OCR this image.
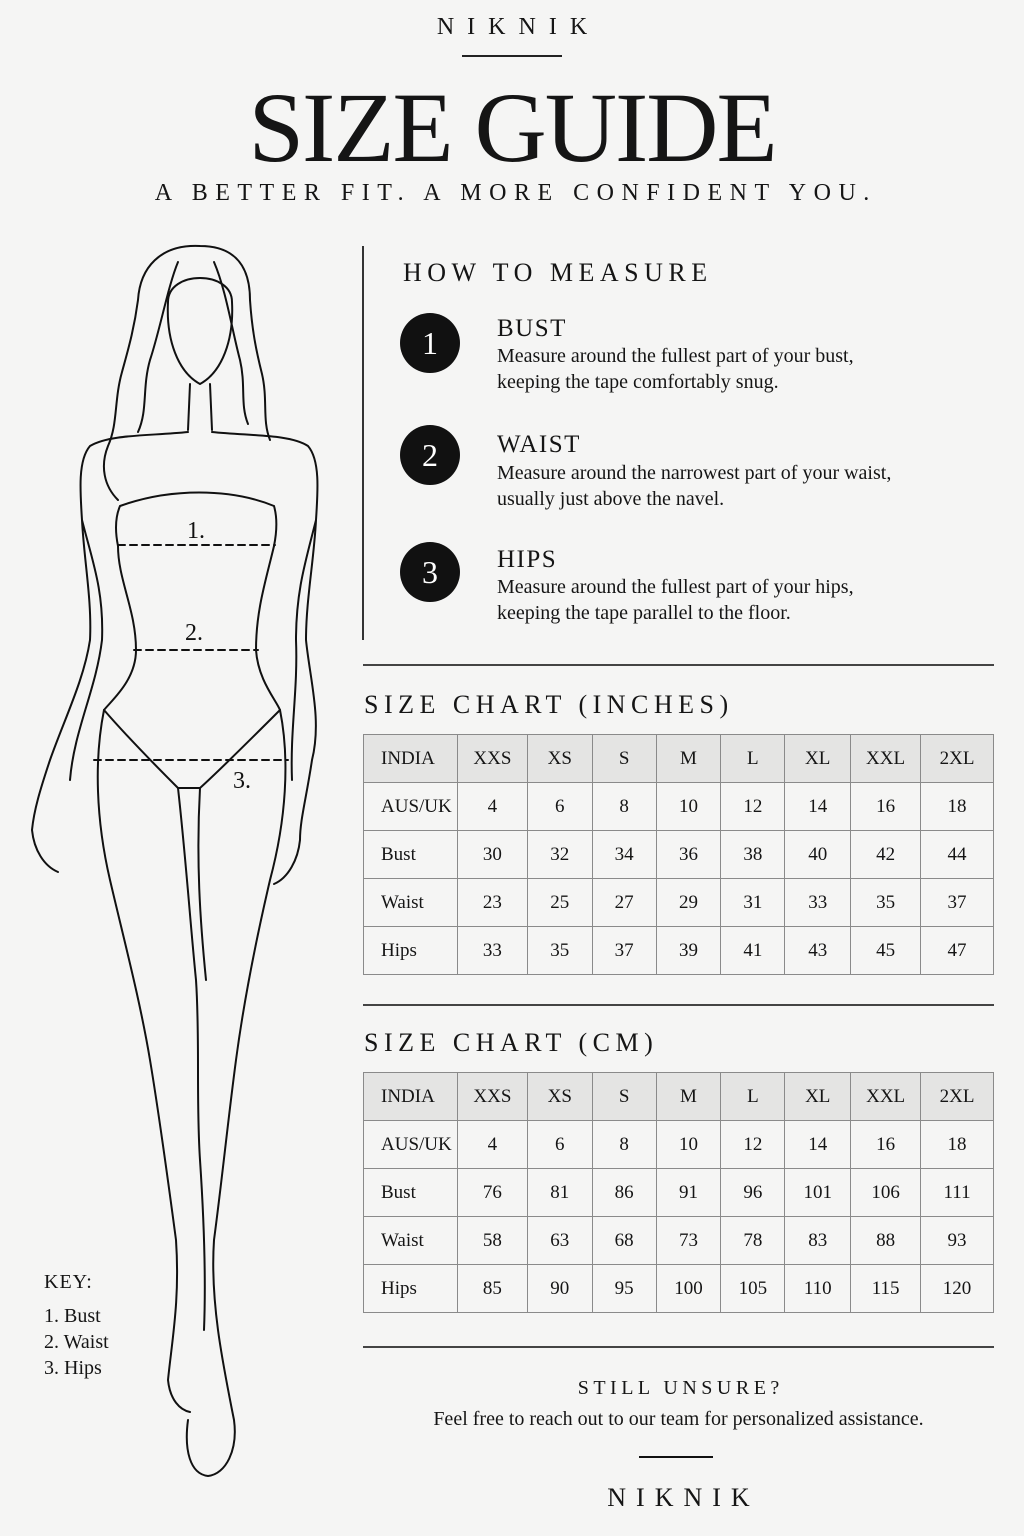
NIKNIK
SIZE GUIDE
A BETTER FIT. A MORE CONFIDENT YOU.
1.
2.
3.
KEY:
1. Bust
2. Waist
3. Hips
HOW TO MEASURE
1	BUST
Measure around the fullest part of your bust,
keeping the tape comfortably snug.
2	WAIST
Measure around the narrowest part of your waist,
usually just above the navel.
3	HIPS
Measure around the fullest part of your hips,
keeping the tape parallel to the floor.
SIZE CHART (INCHES)
INDIA	XXS	XS	S	M	L	XL	XXL	2XL
AUS/UK	4	6	8	10	12	14	16	18
Bust	30	32	34	36	38	40	42	44
Waist	23	25	27	29	31	33	35	37
Hips	33	35	37	39	41	43	45	47
SIZE CHART (CM)
INDIA	XXS	XS	S	M	L	XL	XXL	2XL
AUS/UK	4	6	8	10	12	14	16	18
Bust	76	81	86	91	96	101	106	111
Waist	58	63	68	73	78	83	88	93
Hips	85	90	95	100	105	110	115	120
STILL UNSURE?
Feel free to reach out to our team for personalized assistance.
NIKNIK
